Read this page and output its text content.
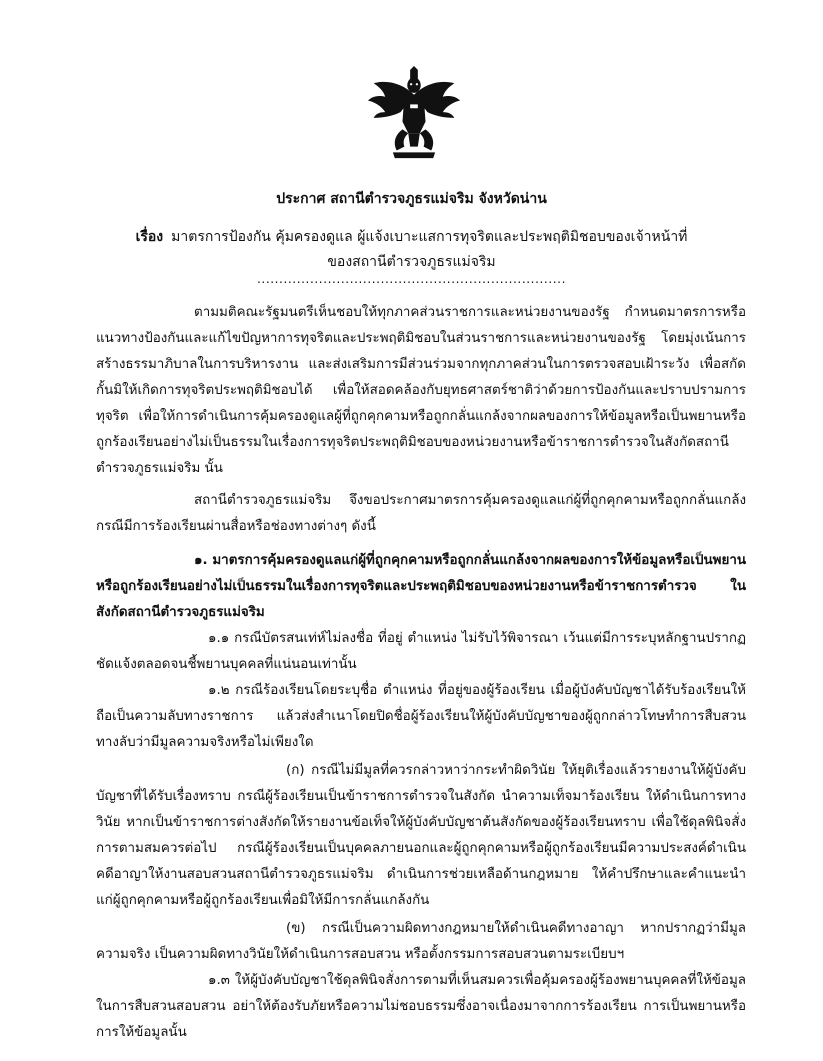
ประกาศ สถานีตำรวจภูธรแม่จริม จังหวัดน่าน
เรื่อง มาตรการป้องกัน คุ้มครองดูแล ผู้แจ้งเบาะแสการทุจริตและประพฤติมิชอบของเจ้าหน้าที่
ของสถานีตำรวจภูธรแม่จริม
......................................................................

ตามมติคณะรัฐมนตรีเห็นชอบให้ทุกภาคส่วนราชการและหน่วยงานของรัฐ กำหนดมาตรการหรือแนวทางป้องกันและแก้ไขปัญหาการทุจริตและประพฤติมิชอบในส่วนราชการและหน่วยงานของรัฐ โดยมุ่งเน้นการสร้างธรรมาภิบาลในการบริหารงาน และส่งเสริมการมีส่วนร่วมจากทุกภาคส่วนในการตรวจสอบเฝ้าระวัง เพื่อสกัดกั้นมิให้เกิดการทุจริตประพฤติมิชอบได้ เพื่อให้สอดคล้องกับยุทธศาสตร์ชาติว่าด้วยการป้องกันและปราบปรามการทุจริต เพื่อให้การดำเนินการคุ้มครองดูแลผู้ที่ถูกคุกคามหรือถูกกลั่นแกล้งจากผลของการให้ข้อมูลหรือเป็นพยานหรือถูกร้องเรียนอย่างไม่เป็นธรรมในเรื่องการทุจริตประพฤติมิชอบของหน่วยงานหรือข้าราชการตำรวจในสังกัดสถานีตำรวจภูธรแม่จริม นั้น

สถานีตำรวจภูธรแม่จริม จึงขอประกาศมาตรการคุ้มครองดูแลแก่ผู้ที่ถูกคุกคามหรือถูกกลั่นแกล้งกรณีมีการร้องเรียนผ่านสื่อหรือช่องทางต่างๆ ดังนี้

๑. มาตรการคุ้มครองดูแลแก่ผู้ที่ถูกคุกคามหรือถูกกลั่นแกล้งจากผลของการให้ข้อมูลหรือเป็นพยานหรือถูกร้องเรียนอย่างไม่เป็นธรรมในเรื่องการทุจริตและประพฤติมิชอบของหน่วยงานหรือข้าราชการตำรวจ ในสังกัดสถานีตำรวจภูธรแม่จริม

๑.๑ กรณีบัตรสนเท่ห์ไม่ลงชื่อ ที่อยู่ ตำแหน่ง ไม่รับไว้พิจารณา เว้นแต่มีการระบุหลักฐานปรากฏชัดแจ้งตลอดจนชี้พยานบุคคลที่แน่นอนเท่านั้น

๑.๒ กรณีร้องเรียนโดยระบุชื่อ ตำแหน่ง ที่อยู่ของผู้ร้องเรียน เมื่อผู้บังคับบัญชาได้รับร้องเรียนให้ถือเป็นความลับทางราชการ แล้วส่งสำเนาโดยปิดชื่อผู้ร้องเรียนให้ผู้บังคับบัญชาของผู้ถูกกล่าวโทษทำการสืบสวนทางลับว่ามีมูลความจริงหรือไม่เพียงใด

(ก) กรณีไม่มีมูลที่ควรกล่าวหาว่ากระทำผิดวินัย ให้ยุติเรื่องแล้วรายงานให้ผู้บังคับบัญชาที่ได้รับเรื่องทราบ กรณีผู้ร้องเรียนเป็นข้าราชการตำรวจในสังกัด นำความเท็จมาร้องเรียน ให้ดำเนินการทางวินัย หากเป็นข้าราชการต่างสังกัดให้รายงานข้อเท็จให้ผู้บังคับบัญชาต้นสังกัดของผู้ร้องเรียนทราบ เพื่อใช้ดุลพินิจสั่งการตามสมควรต่อไป กรณีผู้ร้องเรียนเป็นบุคคลภายนอกและผู้ถูกคุกคามหรือผู้ถูกร้องเรียนมีความประสงค์ดำเนินคดีอาญาให้งานสอบสวนสถานีตำรวจภูธรแม่จริม ดำเนินการช่วยเหลือด้านกฎหมาย ให้คำปรึกษาและคำแนะนำ แก่ผู้ถูกคุกคามหรือผู้ถูกร้องเรียนเพื่อมิให้มีการกลั่นแกล้งกัน

(ข) กรณีเป็นความผิดทางกฎหมายให้ดำเนินคดีทางอาญา หากปรากฏว่ามีมูลความจริง เป็นความผิดทางวินัยให้ดำเนินการสอบสวน หรือตั้งกรรมการสอบสวนตามระเบียบฯ

๑.๓ ให้ผู้บังคับบัญชาใช้ดุลพินิจสั่งการตามที่เห็นสมควรเพื่อคุ้มครองผู้ร้องพยานบุคคลที่ให้ข้อมูลในการสืบสวนสอบสวน อย่าให้ต้องรับภัยหรือความไม่ชอบธรรมซึ่งอาจเนื่องมาจากการร้องเรียน การเป็นพยานหรือการให้ข้อมูลนั้น
